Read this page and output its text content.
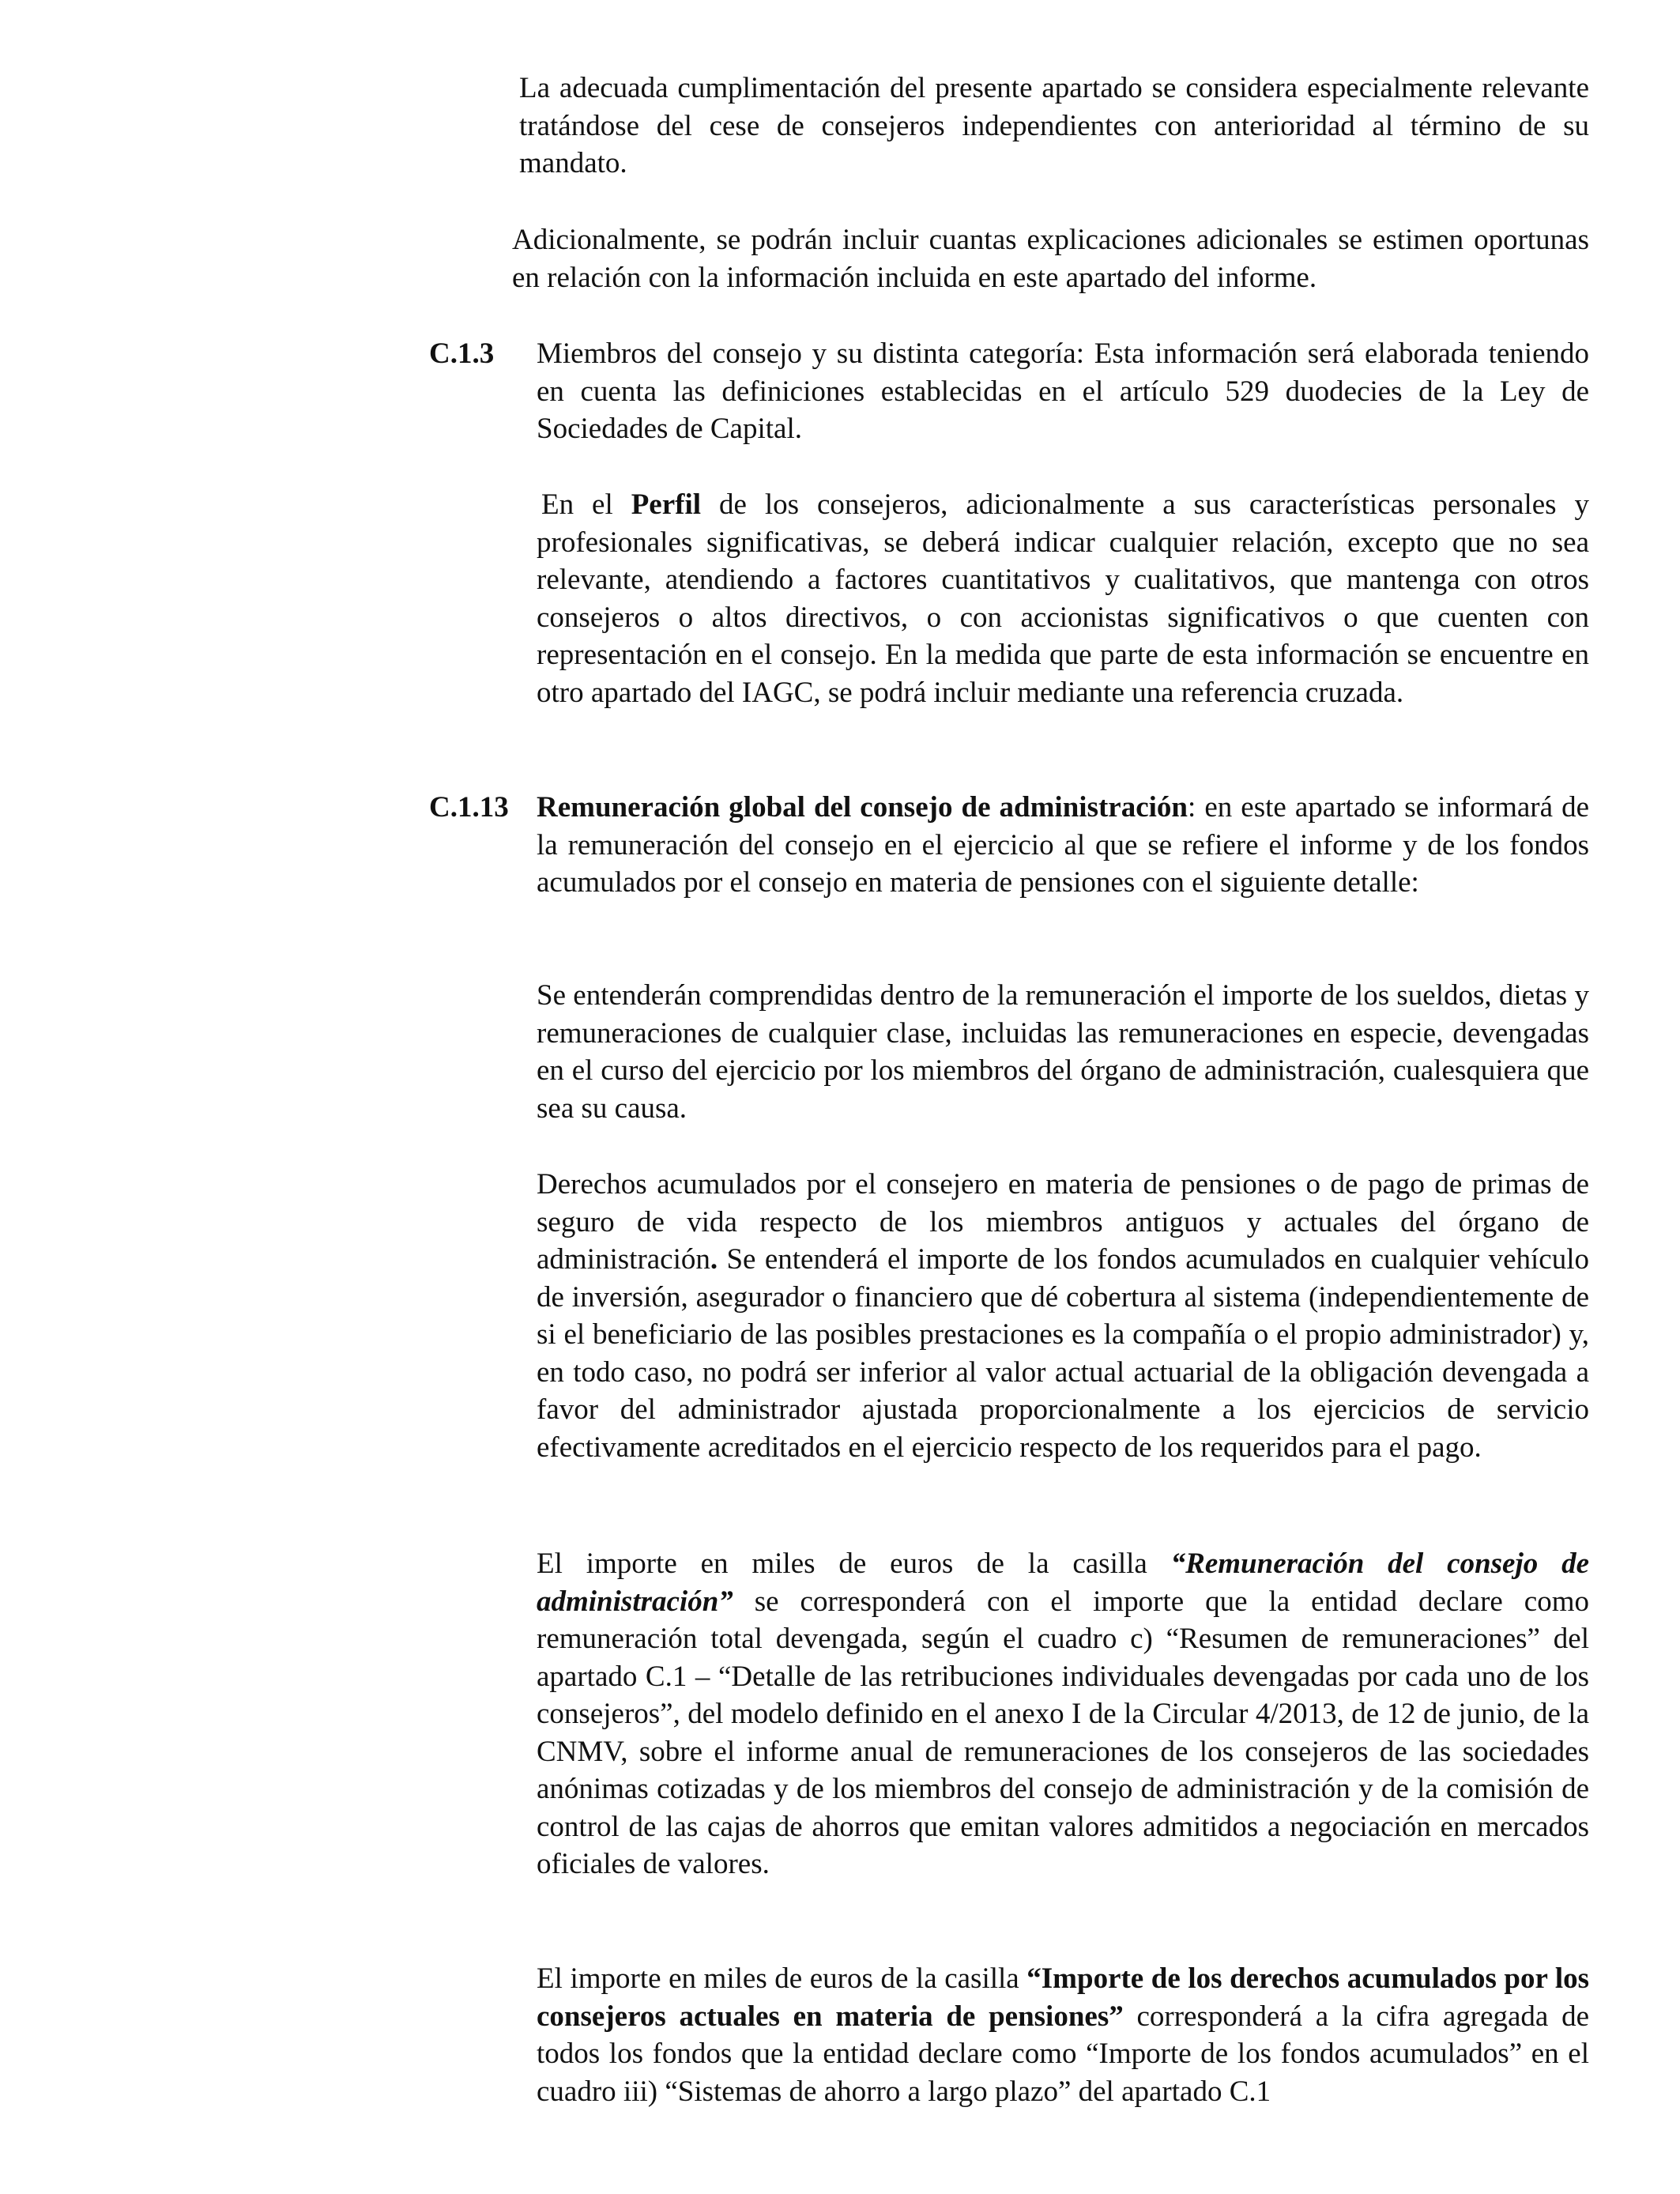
La adecuada cumplimentación del presente apartado se considera especialmente relevante tratándose del cese de consejeros independientes con anterioridad al término de su mandato.

Adicionalmente, se podrán incluir cuantas explicaciones adicionales se estimen oportunas en relación con la información incluida en este apartado del informe.

C.1.3 Miembros del consejo y su distinta categoría: Esta información será elaborada teniendo en cuenta las definiciones establecidas en el artículo 529 duodecies de la Ley de Sociedades de Capital.

En el Perfil de los consejeros, adicionalmente a sus características personales y profesionales significativas, se deberá indicar cualquier relación, excepto que no sea relevante, atendiendo a factores cuantitativos y cualitativos, que mantenga con otros consejeros o altos directivos, o con accionistas significativos o que cuenten con representación en el consejo. En la medida que parte de esta información se encuentre en otro apartado del IAGC, se podrá incluir mediante una referencia cruzada.

C.1.13 Remuneración global del consejo de administración: en este apartado se informará de la remuneración del consejo en el ejercicio al que se refiere el informe y de los fondos acumulados por el consejo en materia de pensiones con el siguiente detalle:

Se entenderán comprendidas dentro de la remuneración el importe de los sueldos, dietas y remuneraciones de cualquier clase, incluidas las remuneraciones en especie, devengadas en el curso del ejercicio por los miembros del órgano de administración, cualesquiera que sea su causa.

Derechos acumulados por el consejero en materia de pensiones o de pago de primas de seguro de vida respecto de los miembros antiguos y actuales del órgano de administración. Se entenderá el importe de los fondos acumulados en cualquier vehículo de inversión, asegurador o financiero que dé cobertura al sistema (independientemente de si el beneficiario de las posibles prestaciones es la compañía o el propio administrador) y, en todo caso, no podrá ser inferior al valor actual actuarial de la obligación devengada a favor del administrador ajustada proporcionalmente a los ejercicios de servicio efectivamente acreditados en el ejercicio respecto de los requeridos para el pago.

El importe en miles de euros de la casilla “Remuneración del consejo de administración” se corresponderá con el importe que la entidad declare como remuneración total devengada, según el cuadro c) “Resumen de remuneraciones” del apartado C.1 – “Detalle de las retribuciones individuales devengadas por cada uno de los consejeros”, del modelo definido en el anexo I de la Circular 4/2013, de 12 de junio, de la CNMV, sobre el informe anual de remuneraciones de los consejeros de las sociedades anónimas cotizadas y de los miembros del consejo de administración y de la comisión de control de las cajas de ahorros que emitan valores admitidos a negociación en mercados oficiales de valores.

El importe en miles de euros de la casilla “Importe de los derechos acumulados por los consejeros actuales en materia de pensiones” corresponderá a la cifra agregada de todos los fondos que la entidad declare como “Importe de los fondos acumulados” en el cuadro iii) “Sistemas de ahorro a largo plazo” del apartado C.1
